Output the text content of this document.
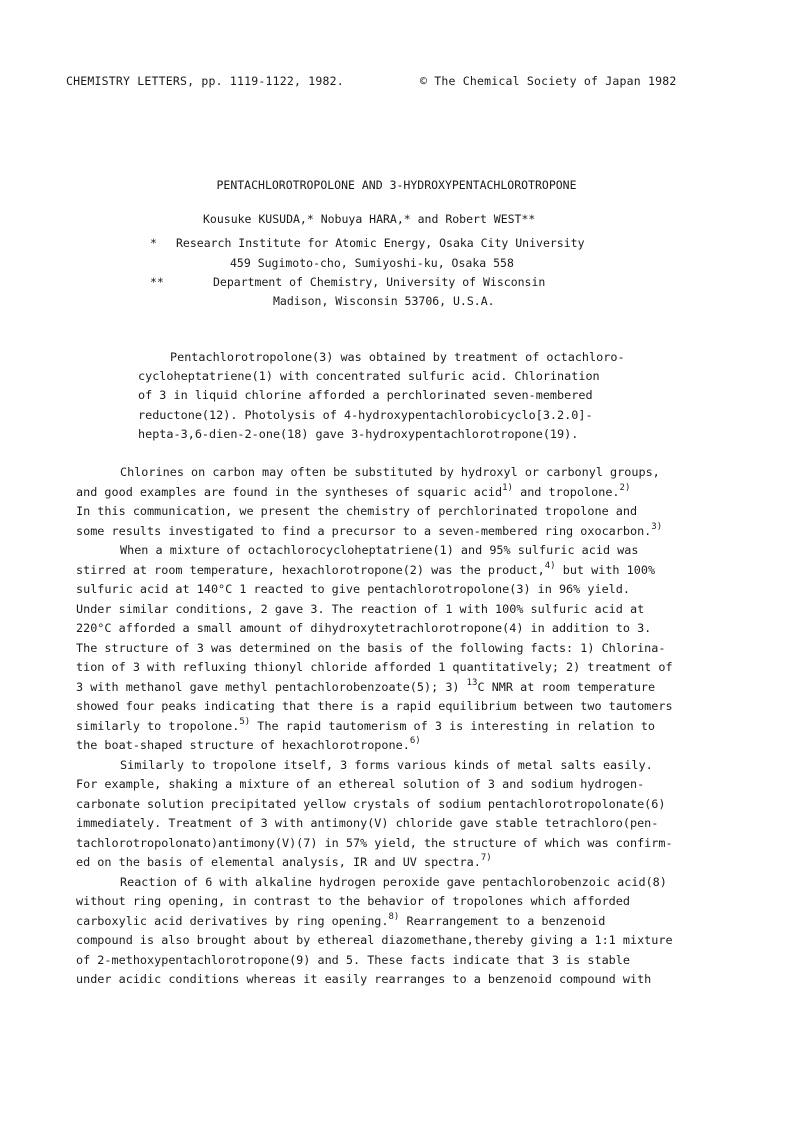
CHEMISTRY LETTERS, pp. 1119-1122, 1982.	© The Chemical Society of Japan 1982
PENTACHLOROTROPOLONE AND 3-HYDROXYPENTACHLOROTROPONE
Kousuke KUSUDA,* Nobuya HARA,* and Robert WEST**
* Research Institute for Atomic Energy, Osaka City University
459 Sugimoto-cho, Sumiyoshi-ku, Osaka 558
**	Department of Chemistry, University of Wisconsin
Madison, Wisconsin 53706, U.S.A.
Pentachlorotropolone(3) was obtained by treatment of octachloro-
cycloheptatriene(1) with concentrated sulfuric acid. Chlorination
of 3 in liquid chlorine afforded a perchlorinated seven-membered
reductone(12). Photolysis of 4-hydroxypentachlorobicyclo[3.2.0]-
hepta-3,6-dien-2-one(18) gave 3-hydroxypentachlorotropone(19).
Chlorines on carbon may often be substituted by hydroxyl or carbonyl groups,
and good examples are found in the syntheses of squaric acid$^{1)}$ and tropolone.$^{2)}$
In this communication, we present the chemistry of perchlorinated tropolone and
some results investigated to find a precursor to a seven-membered ring oxocarbon.$^{3)}$
When a mixture of octachlorocycloheptatriene(1) and 95% sulfuric acid was
stirred at room temperature, hexachlorotropone(2) was the product,$^{4)}$ but with 100%
sulfuric acid at 140°C 1 reacted to give pentachlorotropolone(3) in 96% yield.
Under similar conditions, 2 gave 3. The reaction of 1 with 100% sulfuric acid at
220°C afforded a small amount of dihydroxytetrachlorotropone(4) in addition to 3.
The structure of 3 was determined on the basis of the following facts: 1) Chlorina-
tion of 3 with refluxing thionyl chloride afforded 1 quantitatively; 2) treatment of
3 with methanol gave methyl pentachlorobenzoate(5); 3) $^{13}$C NMR at room temperature
showed four peaks indicating that there is a rapid equilibrium between two tautomers
similarly to tropolone.$^{5)}$ The rapid tautomerism of 3 is interesting in relation to
the boat-shaped structure of hexachlorotropone.$^{6)}$
Similarly to tropolone itself, 3 forms various kinds of metal salts easily.
For example, shaking a mixture of an ethereal solution of 3 and sodium hydrogen-
carbonate solution precipitated yellow crystals of sodium pentachlorotropolonate(6)
immediately. Treatment of 3 with antimony(V) chloride gave stable tetrachloro(pen-
tachlorotropolonato)antimony(V)(7) in 57% yield, the structure of which was confirm-
ed on the basis of elemental analysis, IR and UV spectra.$^{7)}$
Reaction of 6 with alkaline hydrogen peroxide gave pentachlorobenzoic acid(8)
without ring opening, in contrast to the behavior of tropolones which afforded
carboxylic acid derivatives by ring opening.$^{8)}$ Rearrangement to a benzenoid
compound is also brought about by ethereal diazomethane,thereby giving a 1:1 mixture
of 2-methoxypentachlorotropone(9) and 5. These facts indicate that 3 is stable
under acidic conditions whereas it easily rearranges to a benzenoid compound with
